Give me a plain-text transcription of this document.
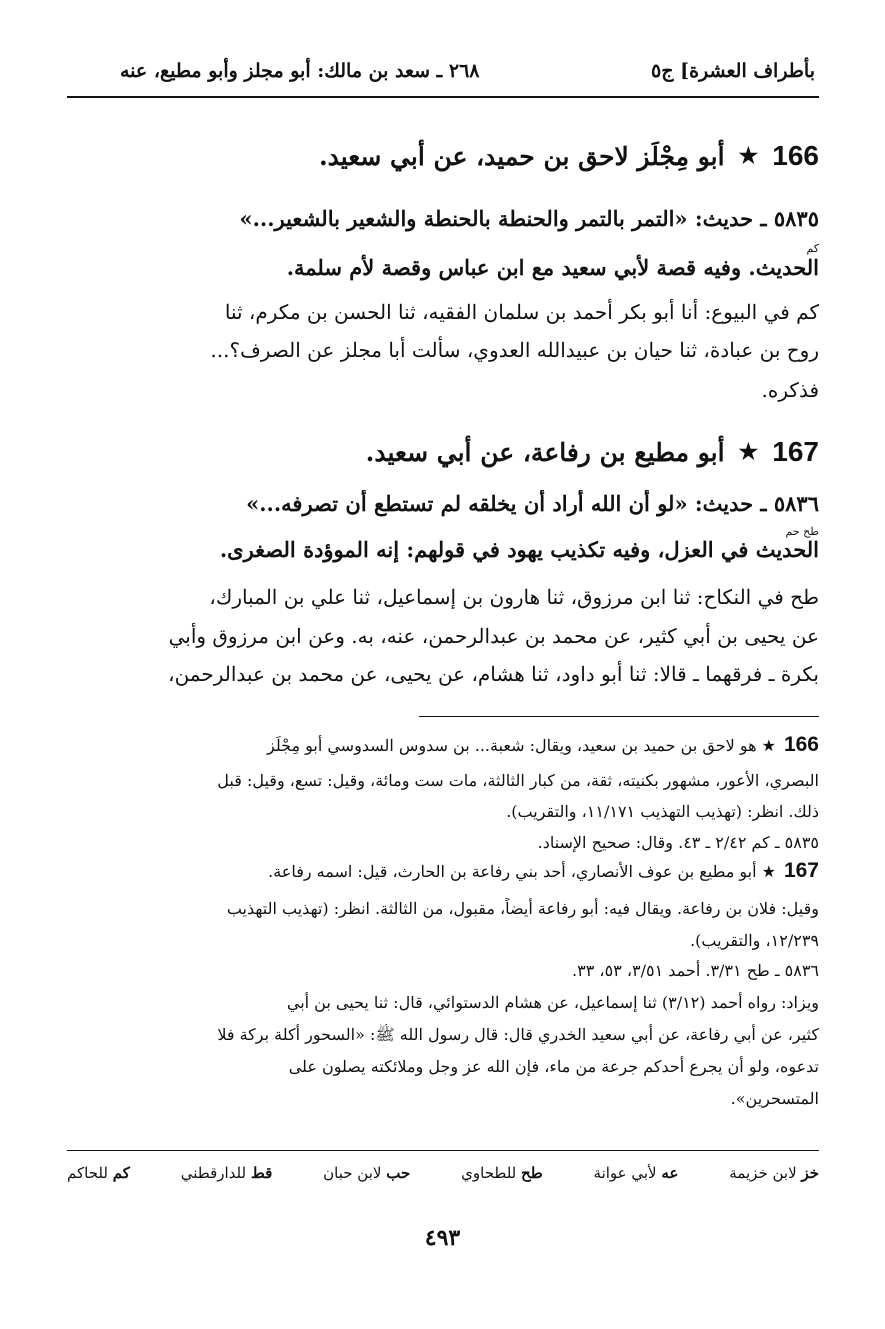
بأطراف العشرة] ج٥
٢٦٨ ـ سعد بن مالك: أبو مجلز وأبو مطيع، عنه
166
★
أبو مِجْلَز لاحق بن حميد، عن أبي سعيد.
٥٨٣٥ ـ حديث: «التمر بالتمر والحنطة بالحنطة والشعير بالشعير...»
كم
الحديث. وفيه قصة لأبي سعيد مع ابن عباس وقصة لأم سلمة.
كم في البيوع: أنا أبو بكر أحمد بن سلمان الفقيه، ثنا الحسن بن مكرم، ثنا
روح بن عبادة، ثنا حيان بن عبيدالله العدوي، سألت أبا مجلز عن الصرف؟...
فذكره.
167
★
أبو مطيع بن رفاعة، عن أبي سعيد.
٥٨٣٦ ـ حديث: «لو أن الله أراد أن يخلقه لم تستطع أن تصرفه...»
طح حم
الحديث في العزل، وفيه تكذيب يهود في قولهم: إنه الموؤدة الصغرى.
طح في النكاح: ثنا ابن مرزوق، ثنا هارون بن إسماعيل، ثنا علي بن المبارك،
عن يحيى بن أبي كثير، عن محمد بن عبدالرحمن، عنه، به. وعن ابن مرزوق وأبي
بكرة ـ فرقهما ـ قالا: ثنا أبو داود، ثنا هشام، عن يحيى، عن محمد بن عبدالرحمن،
166★ هو لاحق بن حميد بن سعيد، ويقال: شعبة... بن سدوس السدوسي أبو مِجْلَز
البصري، الأعور، مشهور بكنيته، ثقة، من كبار الثالثة، مات ست ومائة، وقيل: تسع، وقيل: قبل
ذلك. انظر: (تهذيب التهذيب ١١/١٧١، والتقريب).
٥٨٣٥ ـ كم ٢/٤٢ ـ ٤٣. وقال: صحيح الإسناد.
167★ أبو مطيع بن عوف الأنصاري، أحد بني رفاعة بن الحارث، قيل: اسمه رفاعة.
وقيل: فلان بن رفاعة. ويقال فيه: أبو رفاعة أيضاً، مقبول، من الثالثة. انظر: (تهذيب التهذيب
١٢/٢٣٩، والتقريب).
٥٨٣٦ ـ طح ٣/٣١. أحمد ٣/٥١، ٥٣، ٣٣.
ويزاد: رواه أحمد (٣/١٢) ثنا إسماعيل، عن هشام الدستوائي، قال: ثنا يحيى بن أبي
كثير، عن أبي رفاعة، عن أبي سعيد الخدري قال: قال رسول الله ﷺ: «السحور أكلة بركة فلا
تدعوه، ولو أن يجرع أحدكم جرعة من ماء، فإن الله عز وجل وملائكته يصلون على
المتسحرين».
خز لابن خزيمة
عه لأبي عوانة
طح للطحاوي
حب لابن حبان
قط للدارقطني
كم للحاكم
٤٩٣
